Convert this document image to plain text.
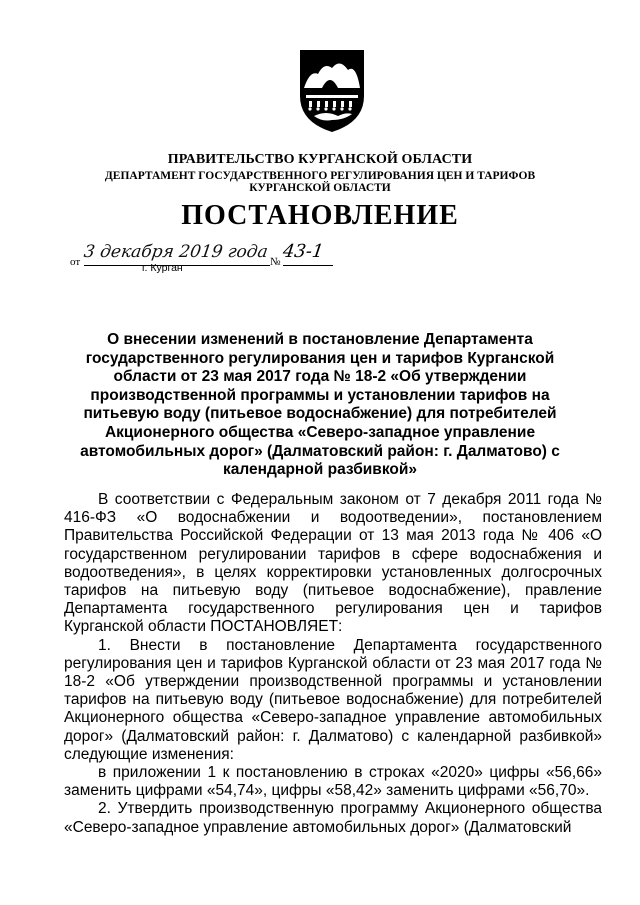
ПРАВИТЕЛЬСТВО КУРГАНСКОЙ ОБЛАСТИ
ДЕПАРТАМЕНТ ГОСУДАРСТВЕННОГО РЕГУЛИРОВАНИЯ ЦЕН И ТАРИФОВ
КУРГАНСКОЙ ОБЛАСТИ
ПОСТАНОВЛЕНИЕ
от 3 декабря 2019 года № 43-1
г. Курган
О внесении изменений в постановление Департамента государственного регулирования цен и тарифов Курганской области от 23 мая 2017 года № 18-2 «Об утверждении производственной программы и установлении тарифов на питьевую воду (питьевое водоснабжение) для потребителей Акционерного общества «Северо-западное управление автомобильных дорог» (Далматовский район: г. Далматово) с календарной разбивкой»

В соответствии с Федеральным законом от 7 декабря 2011 года № 416-ФЗ «О водоснабжении и водоотведении», постановлением Правительства Российской Федерации от 13 мая 2013 года № 406 «О государственном регулировании тарифов в сфере водоснабжения и водоотведения», в целях корректировки установленных долгосрочных тарифов на питьевую воду (питьевое водоснабжение), правление Департамента государственного регулирования цен и тарифов Курганской области ПОСТАНОВЛЯЕТ:

1. Внести в постановление Департамента государственного регулирования цен и тарифов Курганской области от 23 мая 2017 года № 18-2 «Об утверждении производственной программы и установлении тарифов на питьевую воду (питьевое водоснабжение) для потребителей Акционерного общества «Северо-западное управление автомобильных дорог» (Далматовский район: г. Далматово) с календарной разбивкой» следующие изменения:

в приложении 1 к постановлению в строках «2020» цифры «56,66» заменить цифрами «54,74», цифры «58,42» заменить цифрами «56,70».

2. Утвердить производственную программу Акционерного общества «Северо-западное управление автомобильных дорог» (Далматовский
